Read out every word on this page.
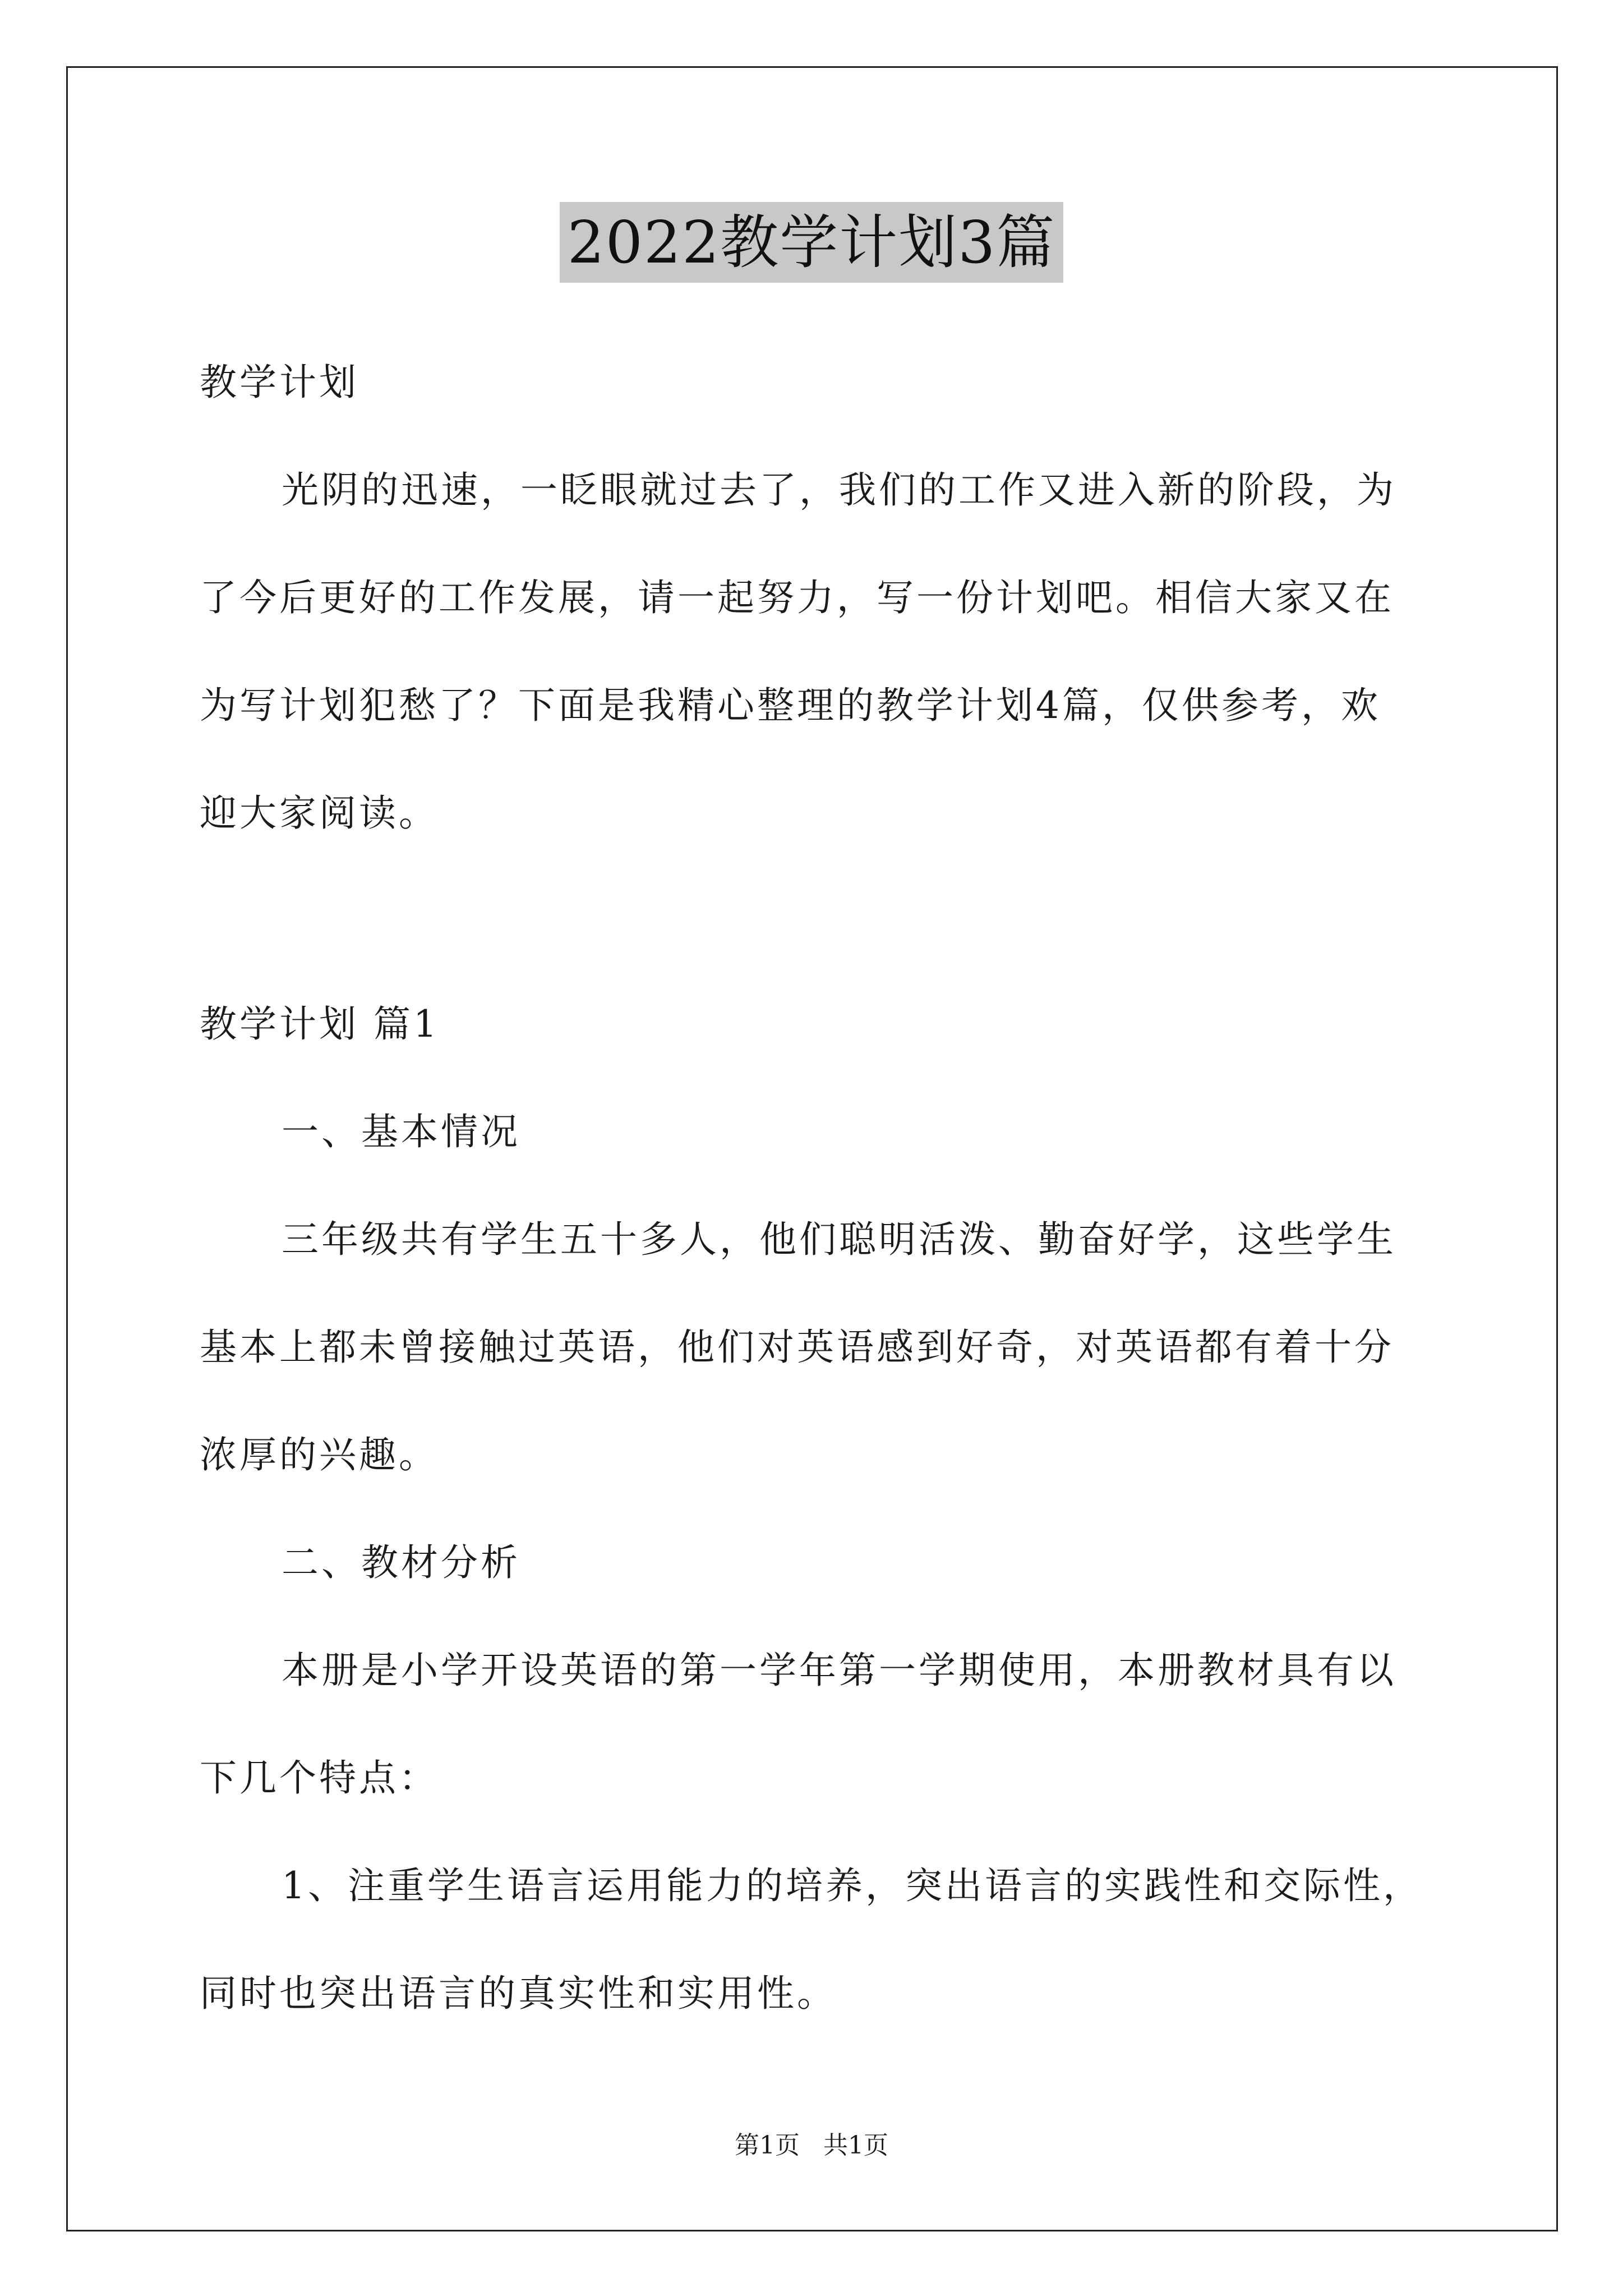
2022教学计划3篇
教学计划
光阴的迅速，一眨眼就过去了，我们的工作又进入新的阶段，为
了今后更好的工作发展，请一起努力，写一份计划吧。相信大家又在
为写计划犯愁了？下面是我精心整理的教学计划4篇，仅供参考，欢
迎大家阅读。
教学计划 篇1
一、基本情况
三年级共有学生五十多人，他们聪明活泼、勤奋好学，这些学生
基本上都未曾接触过英语，他们对英语感到好奇，对英语都有着十分
浓厚的兴趣。
二、教材分析
本册是小学开设英语的第一学年第一学期使用，本册教材具有以
下几个特点：
1、注重学生语言运用能力的培养，突出语言的实践性和交际性，
同时也突出语言的真实性和实用性。
第1页   共1页
